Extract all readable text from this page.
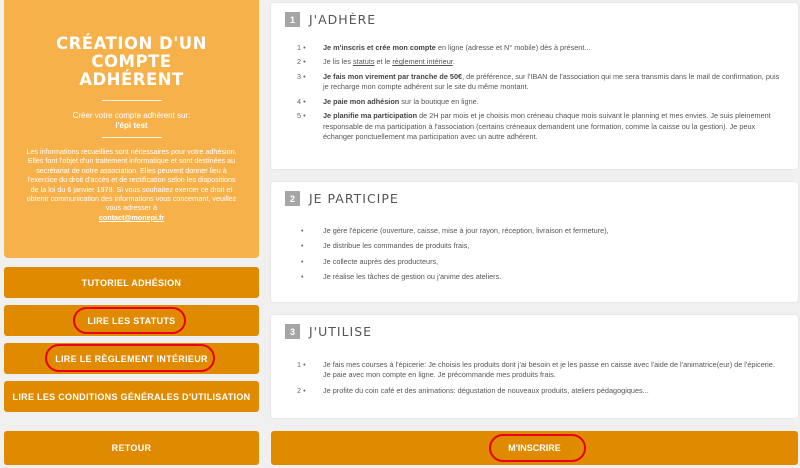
CRÉATION D'UN COMPTE ADHÉRENT
Créer votre compte adhérent sur:
l'épi test
Les informations recueillies sont nécessaires pour votre adhésion. Elles font l'objet d'un traitement informatique et sont destinées au secrétariat de notre association. Elles peuvent donner lieu à l'exercice du droit d'accès et de rectification selon les dispositions de la loi du 6 janvier 1978. Si vous souhaitez exercer ce droit et obtenir communication des informations vous concernant, veuillez vous adresser à
contact@monepi.fr
TUTORIEL ADHÉSION
LIRE LES STATUTS
LIRE LE RÈGLEMENT INTÉRIEUR
LIRE LES CONDITIONS GÉNÉRALES D'UTILISATION
RETOUR
1	J'ADHÈRE
1 •	Je m'inscris et crée mon compte en ligne (adresse et N° mobile) dès à présent...
2 •	Je lis les statuts et le règlement intérieur.
3 •	Je fais mon virement par tranche de 50€, de préférence, sur l'IBAN de l'association qui me sera transmis dans le mail de confirmation, puis je recharge mon compte adhérent sur le site du même montant.
4 •	Je paie mon adhésion sur la boutique en ligne.
5 •	Je planifie ma participation de 2H par mois et je choisis mon créneau chaque mois suivant le planning et mes envies. Je suis pleinement responsable de ma participation à l'association (certains créneaux demandent une formation, comme la caisse ou la gestion). Je peux échanger ponctuellement ma participation avec un autre adhérent.
2	JE PARTICIPE
•	Je gère l'épicerie (ouverture, caisse, mise à jour rayon, réception, livraison et fermeture),
•	Je distribue les commandes de produits frais,
•	Je collecte auprès des producteurs,
•	Je réalise les tâches de gestion ou j'anime des ateliers.
3	J'UTILISE
1 •	Je fais mes courses à l'épicerie: Je choisis les produits dont j'ai besoin et je les passe en caisse avec l'aide de l'animatrice(eur) de l'épicerie. Je paie avec mon compte en ligne. Je précommande mes produits frais.
2 •	Je profite du coin café et des animations: dégustation de nouveaux produits, ateliers pédagogiques...
M'INSCRIRE
